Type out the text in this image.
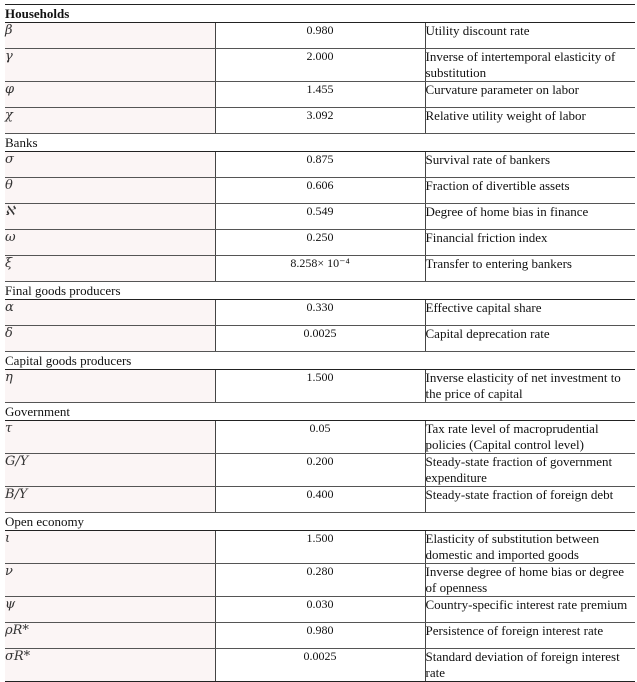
Households		
β	0.980	Utility discount rate
γ	2.000	Inverse of intertemporal elasticity of substitution
φ	1.455	Curvature parameter on labor
χ	3.092	Relative utility weight of labor
Banks		
σ	0.875	Survival rate of bankers
θ	0.606	Fraction of divertible assets
ℵ	0.549	Degree of home bias in finance
ω	0.250	Financial friction index
ξ	8.258× 10⁻⁴	Transfer to entering bankers
Final goods producers		
α	0.330	Effective capital share
δ	0.0025	Capital deprecation rate
Capital goods producers		
η	1.500	Inverse elasticity of net investment to the price of capital
Government		
τ	0.05	Tax rate level of macroprudential policies (Capital control level)
G/Y	0.200	Steady-state fraction of government expenditure
B/Y	0.400	Steady-state fraction of foreign debt
Open economy		
ι	1.500	Elasticity of substitution between domestic and imported goods
ν	0.280	Inverse degree of home bias or degree of openness
ψ	0.030	Country-specific interest rate premium
ρR*	0.980	Persistence of foreign interest rate
σR*	0.0025	Standard deviation of foreign interest rate
